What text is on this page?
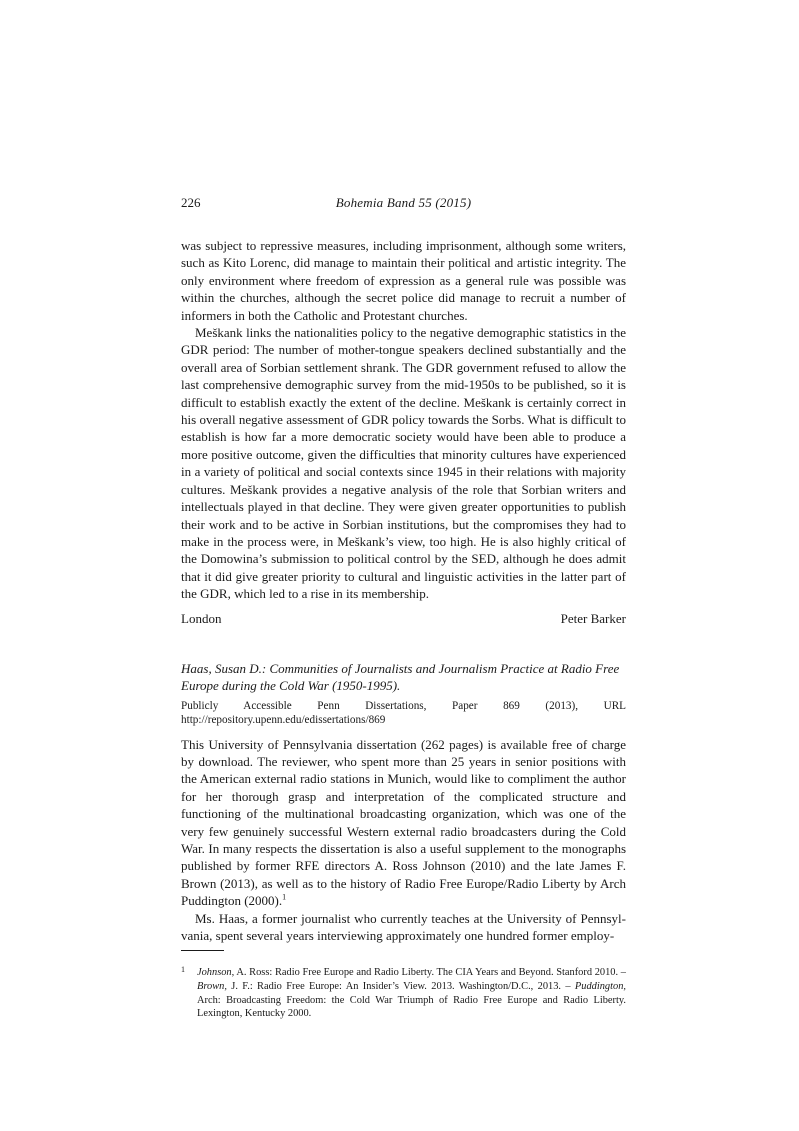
226	Bohemia Band 55 (2015)

was subject to repressive measures, including imprisonment, although some writers, such as Kito Lorenc, did manage to maintain their political and artistic integrity. The only environment where freedom of expression as a general rule was possible was within the churches, although the secret police did manage to recruit a number of informers in both the Catholic and Protestant churches.

Meškank links the nationalities policy to the negative demographic statistics in the GDR period: The number of mother-tongue speakers declined substantially and the overall area of Sorbian settlement shrank. The GDR government refused to allow the last comprehensive demographic survey from the mid-1950s to be published, so it is difficult to establish exactly the extent of the decline. Meškank is certainly correct in his overall negative assessment of GDR policy towards the Sorbs. What is difficult to establish is how far a more democratic society would have been able to produce a more positive outcome, given the difficulties that minority cultures have experienced in a variety of political and social contexts since 1945 in their relations with majority cultures. Meškank provides a negative analysis of the role that Sorbian writers and intellectuals played in that decline. They were given greater opportunities to publish their work and to be active in Sorbian institutions, but the compromises they had to make in the process were, in Meškank’s view, too high. He is also highly critical of the Domowina’s submission to political control by the SED, although he does admit that it did give greater priority to cultural and linguistic activities in the latter part of the GDR, which led to a rise in its membership.

London	Peter Barker
Haas, Susan D.: Communities of Journalists and Journalism Practice at Radio Free Europe during the Cold War (1950-1995).
Publicly Accessible Penn Dissertations, Paper 869 (2013), URL http://repository.upenn.edu/edissertations/869

This University of Pennsylvania dissertation (262 pages) is available free of charge by download. The reviewer, who spent more than 25 years in senior positions with the American external radio stations in Munich, would like to compliment the author for her thorough grasp and interpretation of the complicated structure and functioning of the multinational broadcasting organization, which was one of the very few genuinely successful Western external radio broadcasters during the Cold War. In many respects the dissertation is also a useful supplement to the monographs published by former RFE directors A. Ross Johnson (2010) and the late James F. Brown (2013), as well as to the history of Radio Free Europe/Radio Liberty by Arch Puddington (2000).$^1$

Ms. Haas, a former journalist who currently teaches at the University of Pennsylvania, spent several years interviewing approximately one hundred former employ-

1 Johnson, A. Ross: Radio Free Europe and Radio Liberty. The CIA Years and Beyond. Stanford 2010. – Brown, J. F.: Radio Free Europe: An Insider’s View. 2013. Washington/D.C., 2013. – Puddington, Arch: Broadcasting Freedom: the Cold War Triumph of Radio Free Europe and Radio Liberty. Lexington, Kentucky 2000.
